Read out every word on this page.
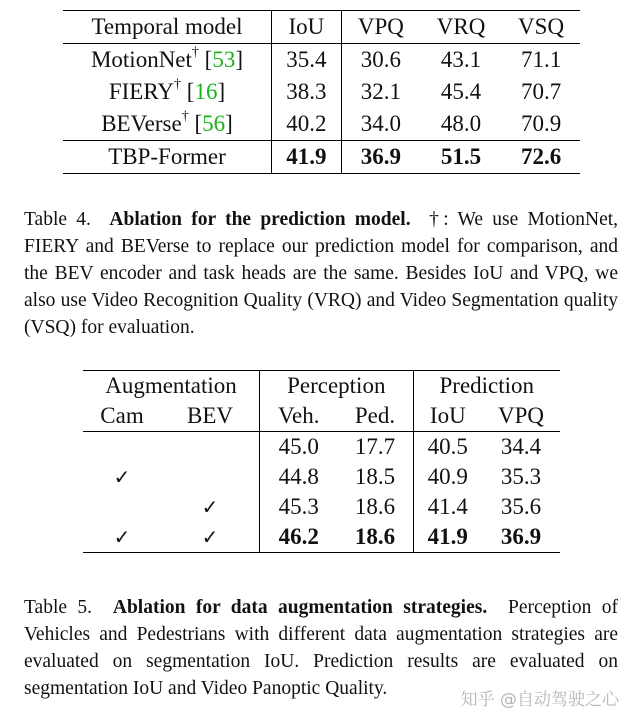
Temporal model	IoU	VPQ	VRQ	VSQ
MotionNet† [53]	35.4	30.6	43.1	71.1
FIERY† [16]	38.3	32.1	45.4	70.7
BEVerse† [56]	40.2	34.0	48.0	70.9
TBP-Former	41.9	36.9	51.5	72.6
Table 4. Ablation for the prediction model. †: We use MotionNet, FIERY and BEVerse to replace our prediction model for comparison, and the BEV encoder and task heads are the same. Besides IoU and VPQ, we also use Video Recognition Quality (VRQ) and Video Segmentation quality (VSQ) for evaluation.
Augmentation		Perception		Prediction	
Cam	BEV	Veh.	Ped.	IoU	VPQ
		45.0	17.7	40.5	34.4
✓		44.8	18.5	40.9	35.3
	✓	45.3	18.6	41.4	35.6
✓	✓	46.2	18.6	41.9	36.9
Table 5. Ablation for data augmentation strategies. Perception of Vehicles and Pedestrians with different data augmentation strategies are evaluated on segmentation IoU. Prediction results are evaluated on segmentation IoU and Video Panoptic Quality.
知乎 @自动驾驶之心
